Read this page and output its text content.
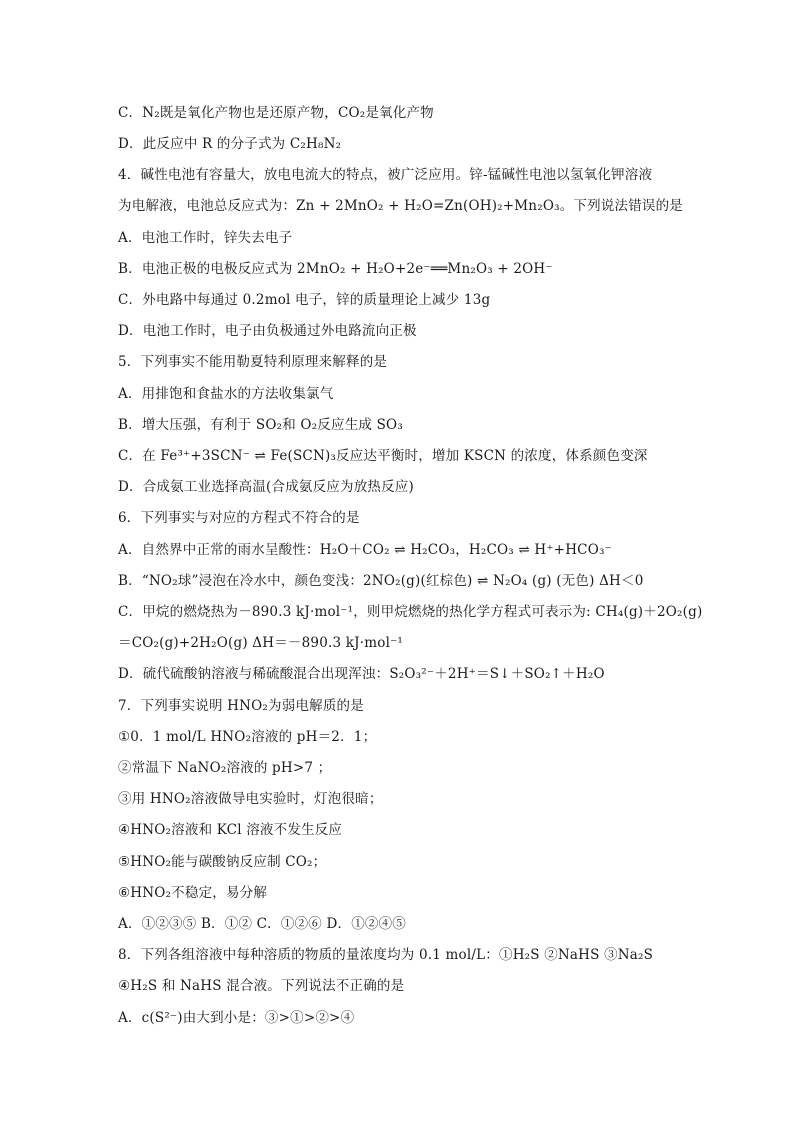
C．N₂既是氧化产物也是还原产物，CO₂是氧化产物
D．此反应中 R 的分子式为 C₂H₈N₂
4．碱性电池有容量大，放电电流大的特点，被广泛应用。锌-锰碱性电池以氢氧化钾溶液
为电解液，电池总反应式为：Zn + 2MnO₂ + H₂O=Zn(OH)₂+Mn₂O₃。下列说法错误的是
A．电池工作时，锌失去电子
B．电池正极的电极反应式为 2MnO₂ + H₂O+2e⁻══Mn₂O₃ + 2OH⁻
C．外电路中每通过 0.2mol 电子，锌的质量理论上减少 13g
D．电池工作时，电子由负极通过外电路流向正极
5．下列事实不能用勒夏特利原理来解释的是
A．用排饱和食盐水的方法收集氯气
B．增大压强，有利于 SO₂和 O₂反应生成 SO₃
C．在 Fe³⁺+3SCN⁻ ⇌ Fe(SCN)₃反应达平衡时，增加 KSCN 的浓度，体系颜色变深
D．合成氨工业选择高温(合成氨反应为放热反应)
6．下列事实与对应的方程式不符合的是
A．自然界中正常的雨水呈酸性：H₂O＋CO₂ ⇌ H₂CO₃，H₂CO₃ ⇌ H⁺+HCO₃⁻
B．“NO₂球”浸泡在冷水中，颜色变浅：2NO₂(g)(红棕色) ⇌ N₂O₄ (g) (无色) ΔH＜0
C．甲烷的燃烧热为－890.3 kJ·mol⁻¹，则甲烷燃烧的热化学方程式可表示为: CH₄(g)＋2O₂(g)
＝CO₂(g)+2H₂O(g) ΔH＝－890.3 kJ·mol⁻¹
D．硫代硫酸钠溶液与稀硫酸混合出现浑浊：S₂O₃²⁻＋2H⁺＝S↓＋SO₂↑＋H₂O
7．下列事实说明 HNO₂为弱电解质的是
①0．1 mol/L HNO₂溶液的 pH＝2．1；
②常温下 NaNO₂溶液的 pH>7 ；
③用 HNO₂溶液做导电实验时，灯泡很暗；
④HNO₂溶液和 KCl 溶液不发生反应
⑤HNO₂能与碳酸钠反应制 CO₂；
⑥HNO₂不稳定，易分解
A．①②③⑤ B．①② C．①②⑥ D．①②④⑤
8．下列各组溶液中每种溶质的物质的量浓度均为 0.1 mol/L：①H₂S ②NaHS ③Na₂S
④H₂S 和 NaHS 混合液。下列说法不正确的是
A．c(S²⁻)由大到小是：③>①>②>④
